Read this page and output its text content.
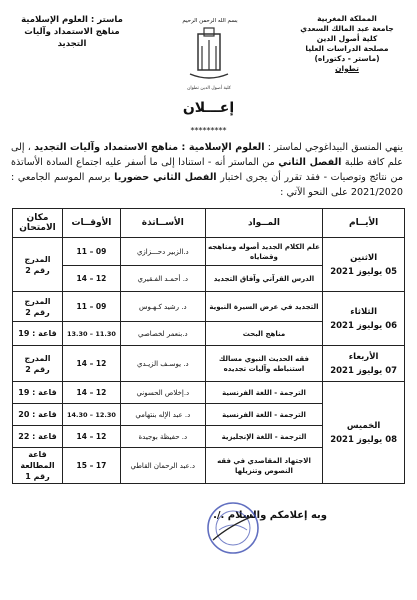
المملكة المغربية
جامعة عبد المالك السعدي
كلية أصول الدين
مصلحة الدراسات العليا
(ماستر - دكتوراه)
تطوان
بسم الله الرحمن الرحيم
كلية أصول الدين تطوان
ماستر : العلوم الإسلامية
مناهج الاستمداد وآليات التجديد
إعـــلان
*********
ينهي المنسق البيداغوجي لماستر : العلوم الإسلامية : مناهج الاستمداد وآليات التجديد ، إلى علم كافة طلبة الفصل الثاني من الماستر أنه - استنادا إلى ما أسفر عليه اجتماع السادة الأساتذة من نتائج وتوصيات - فقد تقرر أن يجرى اختبار الفصل الثاني حضوريا برسم الموسم الجامعي : 2021/2020 على النحو الآتي :
الأيــام	المــواد	الأســاتذة	الأوقــات	مكان الامتحان

الاثنين
05 يوليوز 2021	علم الكلام الجديد أصوله ومناهجه وقضاياه	د.الزبير دحـــزازي	11 – 09	المدرج رقم 2
	الدرس القرآني وآفاق التجديد	د. أحمـد الفـقيري	14 – 12	

الثلاثاء
06 يوليوز 2021	التجديد في عرض السيرة النبوية	د. رشيد كـهـوس	11 – 09	المدرج رقم 2
	مناهج البحث	د.بنعمر لخصاصي	13.30 – 11.30	قاعة : 19

الأربعاء
07 يوليوز 2021	فقه الحديث النبوي مسالك استنباطه وآليات تجديده	د. يوسـف الزيـدي	14 – 12	المدرج رقم 2

الخميس
08 يوليوز 2021	الترجمة - اللغة الفرنسية	د.إخلاص الحسوني	14 – 12	قاعة : 19
	الترجمة - اللغة الفرنسية	د. عبد الإله بنتهامي	14.30 – 12.30	قاعة : 20
	الترجمة - اللغة الإنجليزية	د. حفيظة بوجيدة	14 – 12	قاعة : 22
	الاجتهاد المقاصدي في فقه النصوص وتنزيلها	د.عبد الرحمان القاطي	15 – 17	قاعة المطالعة رقم 1
وبه إعلامكم والسلام ./.
